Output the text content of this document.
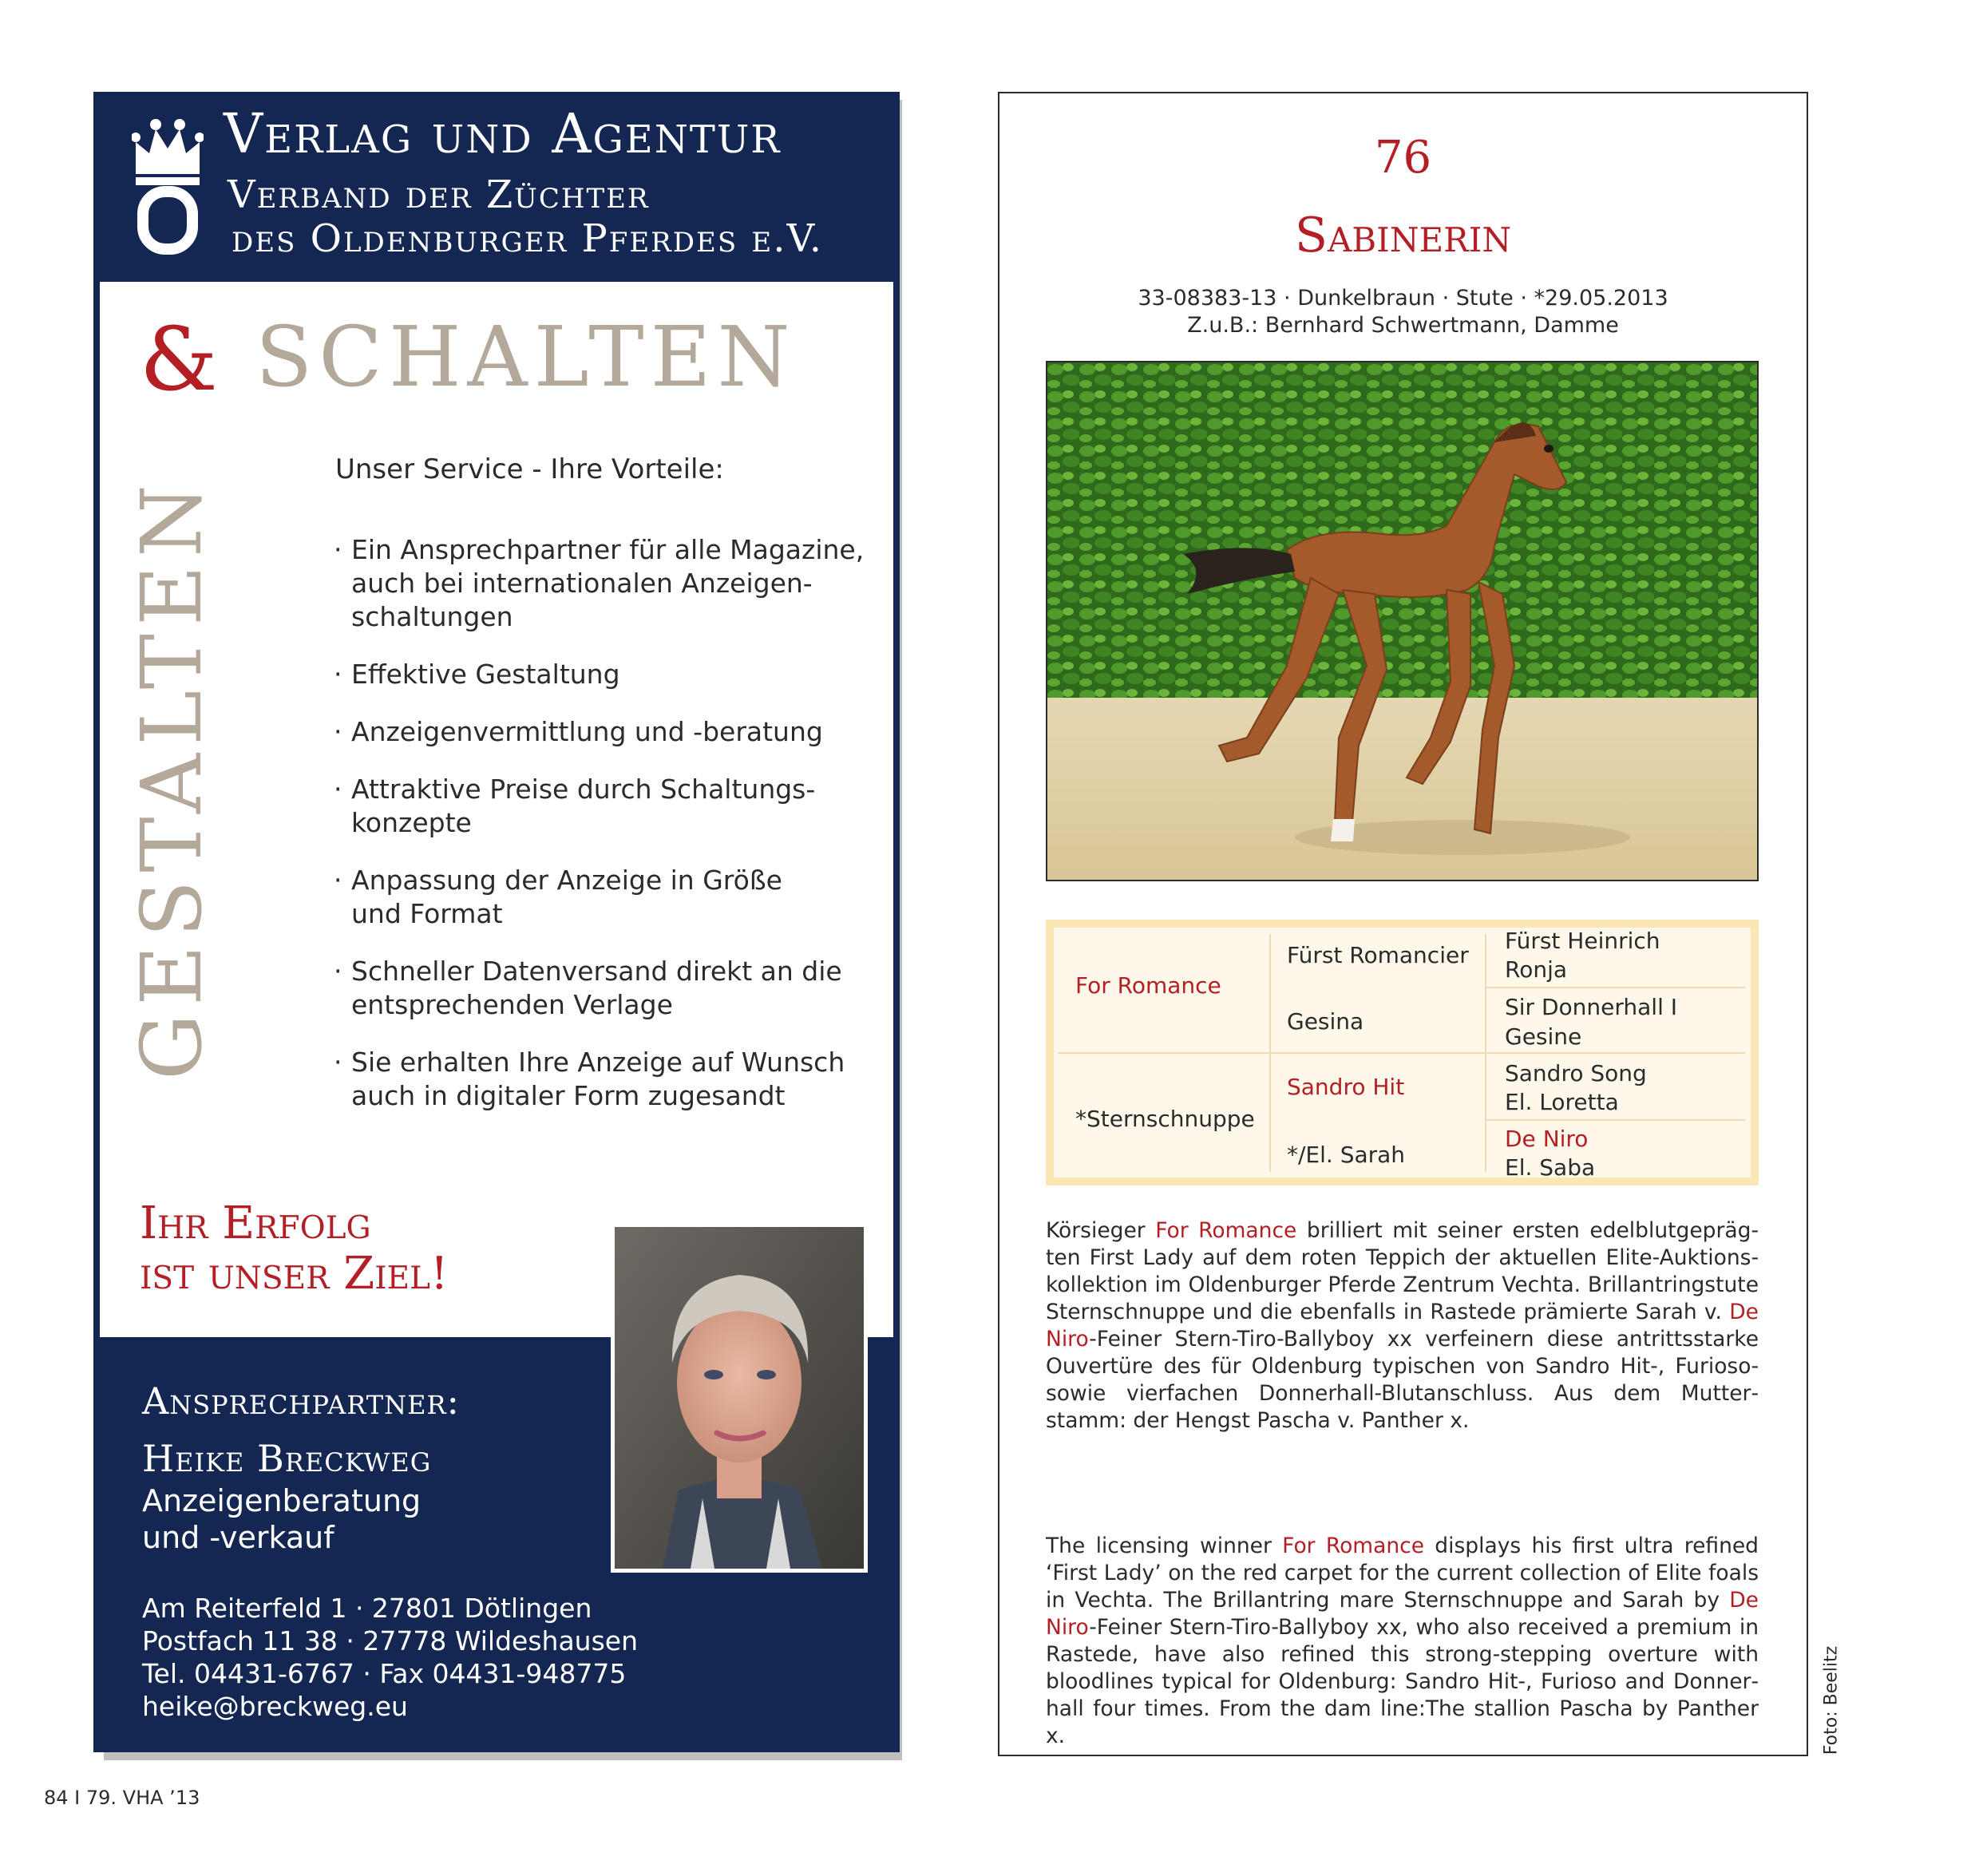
Verlag und Agentur
Verband der Züchter
des Oldenburger Pferdes e.V.
& SCHALTEN
GESTALTEN
Unser Service - Ihre Vorteile:
· Ein Ansprechpartner für alle Magazine,
auch bei internationalen Anzeigen-
schaltungen
· Effektive Gestaltung
· Anzeigenvermittlung und -beratung
· Attraktive Preise durch Schaltungs-
konzepte
· Anpassung der Anzeige in Größe
und Format
· Schneller Datenversand direkt an die
entsprechenden Verlage
· Sie erhalten Ihre Anzeige auf Wunsch
auch in digitaler Form zugesandt
Ihr Erfolg
ist unser Ziel!
Ansprechpartner:
Heike Breckweg
Anzeigenberatung
und -verkauf
Am Reiterfeld 1 · 27801 Dötlingen
Postfach 11 38 · 27778 Wildeshausen
Tel. 04431-6767 · Fax 04431-948775
heike@breckweg.eu
84 I 79. VHA ’13
76
Sabinerin
33-08383-13 · Dunkelbraun · Stute · *29.05.2013
Z.u.B.: Bernhard Schwertmann, Damme
For Romance
Fürst Romancier
Fürst Heinrich
Ronja
Gesina
Sir Donnerhall I
Gesine
*Sternschnuppe
Sandro Hit
Sandro Song
El. Loretta
*/El. Sarah
De Niro
El. Saba
Körsieger For Romance brilliert mit seiner ersten edelblutgeprägten First Lady auf dem roten Teppich der aktuellen Elite-Auktionskollektion im Oldenburger Pferde Zentrum Vechta. Brillantringstute Sternschnuppe und die ebenfalls in Rastede prämierte Sarah v. De Niro-Feiner Stern-Tiro-Ballyboy xx verfeinern diese antrittsstarke Ouvertüre des für Oldenburg typischen von Sandro Hit-, Furiososowie vierfachen Donnerhall-Blutanschluss. Aus dem Mutterstamm: der Hengst Pascha v. Panther x.
The licensing winner For Romance displays his first ultra refined ‘First Lady’ on the red carpet for the current collection of Elite foals in Vechta. The Brillantring mare Sternschnuppe and Sarah by De Niro-Feiner Stern-Tiro-Ballyboy xx, who also received a premium in Rastede, have also refined this strong-stepping overture with bloodlines typical for Oldenburg: Sandro Hit-, Furioso and Donnerhall four times. From the dam line:The stallion Pascha by Panther x.	Foto: Beelitz
